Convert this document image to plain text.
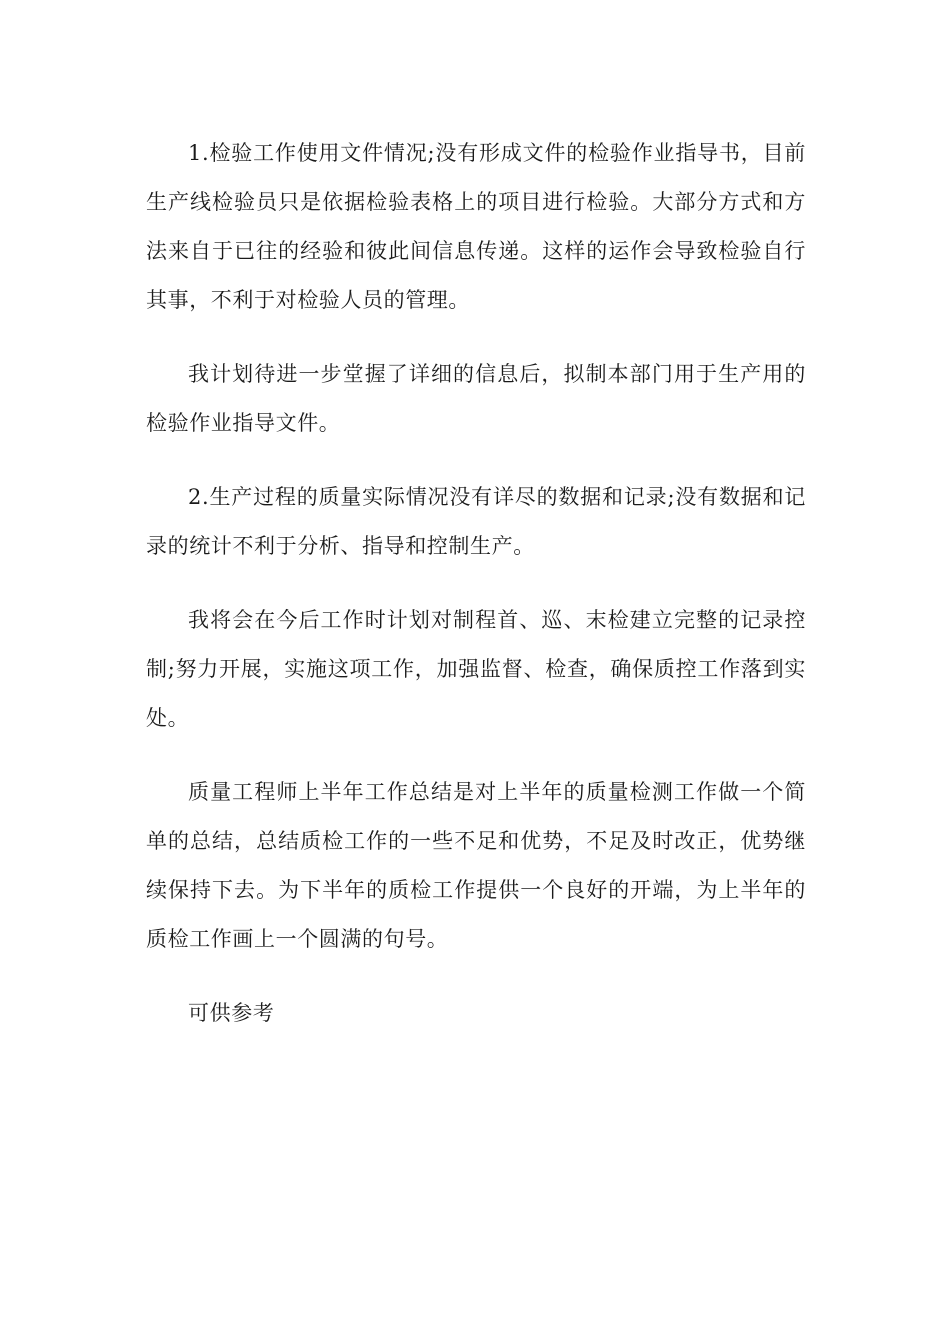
1.检验工作使用文件情况;没有形成文件的检验作业指导书，目前生产线检验员只是依据检验表格上的项目进行检验。大部分方式和方法来自于已往的经验和彼此间信息传递。这样的运作会导致检验自行其事，不利于对检验人员的管理。

我计划待进一步堂握了详细的信息后，拟制本部门用于生产用的检验作业指导文件。

2.生产过程的质量实际情况没有详尽的数据和记录;没有数据和记录的统计不利于分析、指导和控制生产。

我将会在今后工作时计划对制程首、巡、末检建立完整的记录控制;努力开展，实施这项工作，加强监督、检查，确保质控工作落到实处。

质量工程师上半年工作总结是对上半年的质量检测工作做一个简单的总结，总结质检工作的一些不足和优势，不足及时改正，优势继续保持下去。为下半年的质检工作提供一个良好的开端，为上半年的质检工作画上一个圆满的句号。

可供参考
